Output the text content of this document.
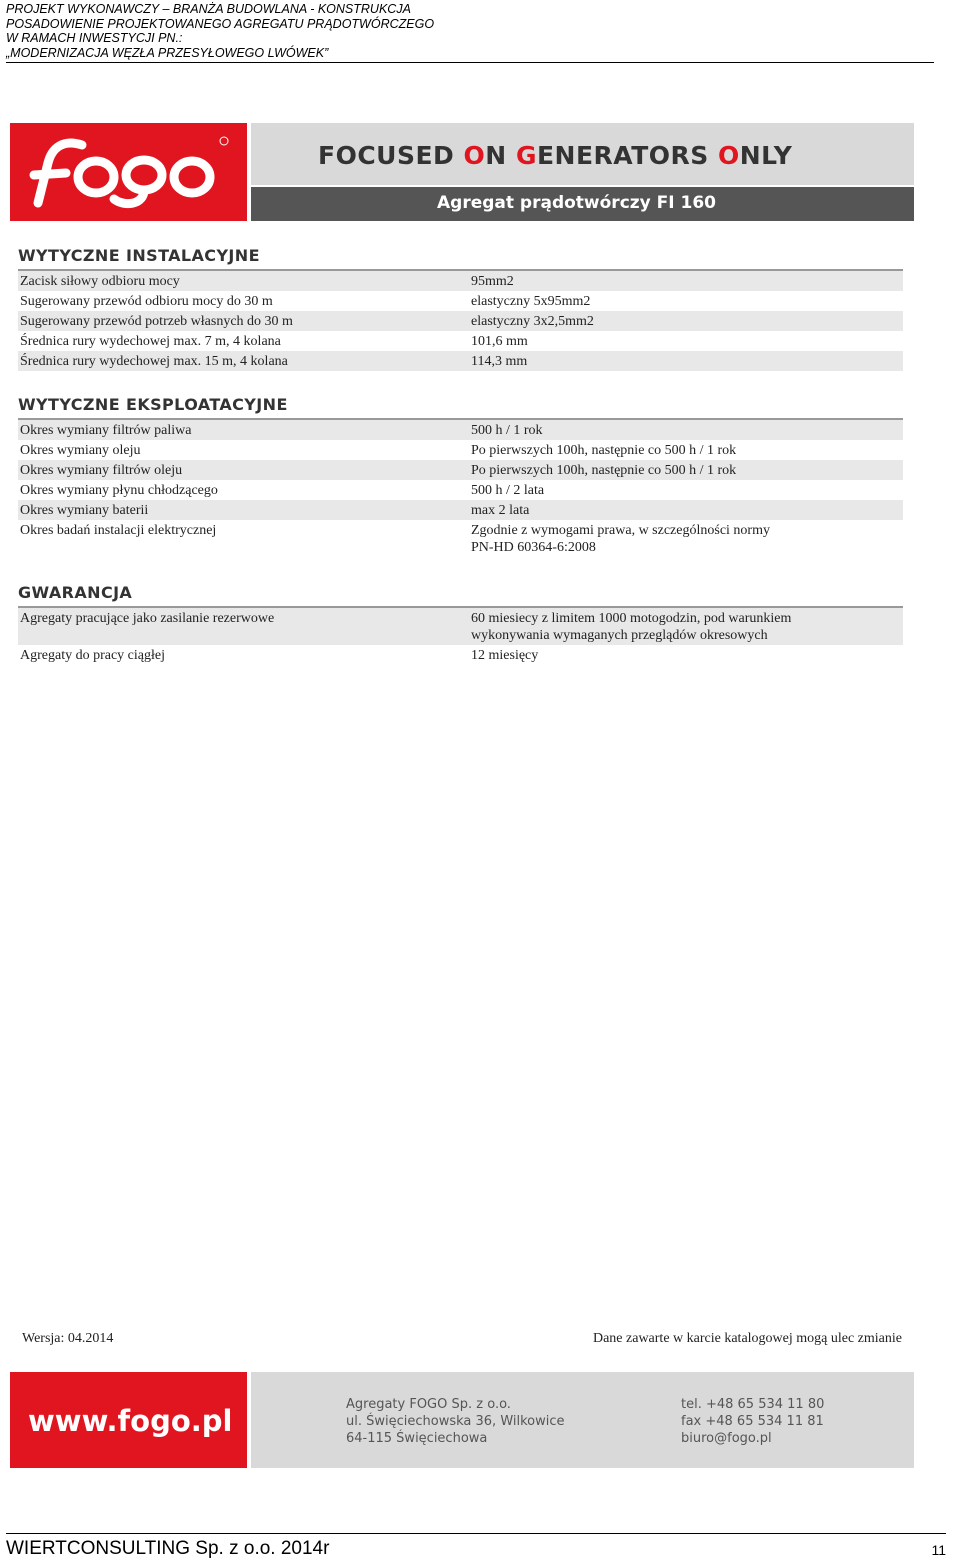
PROJEKT WYKONAWCZY – BRANŻA BUDOWLANA - KONSTRUKCJA
POSADOWIENIE PROJEKTOWANEGO AGREGATU PRĄDOTWÓRCZEGO
W RAMACH INWESTYCJI PN.:
„MODERNIZACJA WĘZŁA PRZESYŁOWEGO LWÓWEK”
FOCUSED ON GENERATORS ONLY
Agregat prądotwórczy FI 160
WYTYCZNE INSTALACYJNE
Zacisk siłowy odbioru mocy	95mm2
Sugerowany przewód odbioru mocy do 30 m	elastyczny 5x95mm2
Sugerowany przewód potrzeb własnych do 30 m	elastyczny 3x2,5mm2
Średnica rury wydechowej max. 7 m, 4 kolana	101,6 mm
Średnica rury wydechowej max. 15 m, 4 kolana	114,3 mm
WYTYCZNE EKSPLOATACYJNE
Okres wymiany filtrów paliwa	500 h / 1 rok
Okres wymiany oleju	Po pierwszych 100h, następnie co 500 h / 1 rok
Okres wymiany filtrów oleju	Po pierwszych 100h, następnie co 500 h / 1 rok
Okres wymiany płynu chłodzącego	500 h / 2 lata
Okres wymiany baterii	max 2 lata
Okres badań instalacji elektrycznej	Zgodnie z wymogami prawa, w szczególności normy
PN-HD 60364-6:2008
GWARANCJA
Agregaty pracujące jako zasilanie rezerwowe	60 miesiecy z limitem 1000 motogodzin, pod warunkiem
wykonywania wymaganych przeglądów okresowych
Agregaty do pracy ciągłej	12 miesięcy
Wersja: 04.2014	Dane zawarte w karcie katalogowej mogą ulec zmianie
www.fogo.pl	Agregaty FOGO Sp. z o.o.
ul. Święciechowska 36, Wilkowice
64-115 Święciechowa
tel. +48 65 534 11 80
fax +48 65 534 11 81
biuro@fogo.pl
WIERTCONSULTING Sp. z o.o. 2014r	11
